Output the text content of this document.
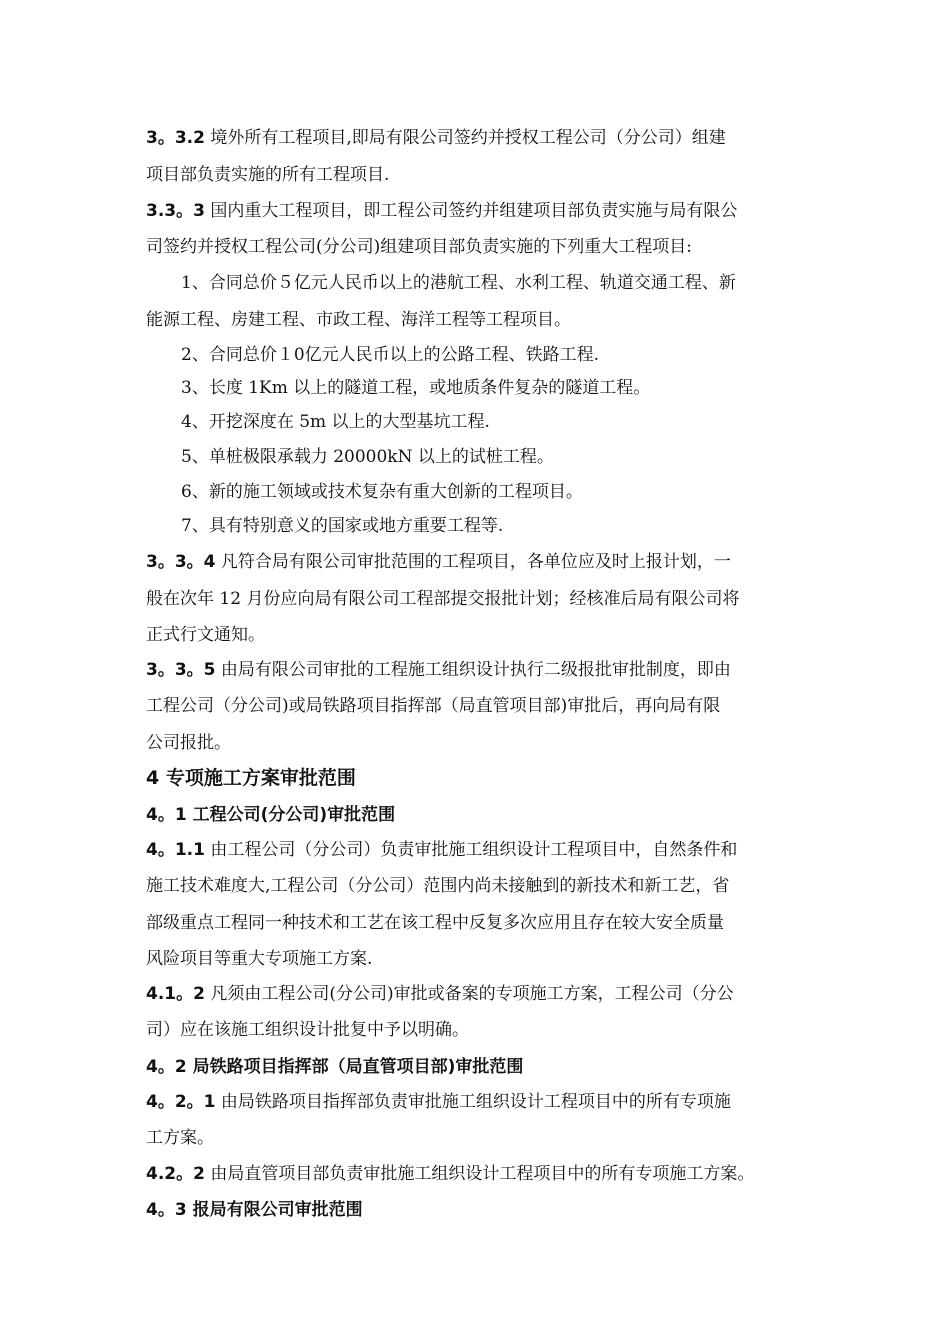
3。3.2 境外所有工程项目,即局有限公司签约并授权工程公司（分公司）组建
项目部负责实施的所有工程项目.
3.3。3 国内重大工程项目，即工程公司签约并组建项目部负责实施与局有限公
司签约并授权工程公司(分公司)组建项目部负责实施的下列重大工程项目:
1、合同总价５亿元人民币以上的港航工程、水利工程、轨道交通工程、新
能源工程、房建工程、市政工程、海洋工程等工程项目。
2、合同总价１0亿元人民币以上的公路工程、铁路工程.
3、长度 1Km 以上的隧道工程，或地质条件复杂的隧道工程。
4、开挖深度在 5m 以上的大型基坑工程.
5、单桩极限承载力 20000kN 以上的试桩工程。
6、新的施工领域或技术复杂有重大创新的工程项目。
7、具有特别意义的国家或地方重要工程等.
3。3。4 凡符合局有限公司审批范围的工程项目，各单位应及时上报计划，一
般在次年 12 月份应向局有限公司工程部提交报批计划；经核准后局有限公司将
正式行文通知。
3。3。5 由局有限公司审批的工程施工组织设计执行二级报批审批制度，即由
工程公司（分公司)或局铁路项目指挥部（局直管项目部)审批后，再向局有限
公司报批。
4 专项施工方案审批范围
4。1 工程公司(分公司)审批范围
4。1.1 由工程公司（分公司）负责审批施工组织设计工程项目中，自然条件和
施工技术难度大,工程公司（分公司）范围内尚未接触到的新技术和新工艺，省
部级重点工程同一种技术和工艺在该工程中反复多次应用且存在较大安全质量
风险项目等重大专项施工方案.
4.1。2 凡须由工程公司(分公司)审批或备案的专项施工方案，工程公司（分公
司）应在该施工组织设计批复中予以明确。
4。2 局铁路项目指挥部（局直管项目部)审批范围
4。2。1 由局铁路项目指挥部负责审批施工组织设计工程项目中的所有专项施
工方案。
4.2。2 由局直管项目部负责审批施工组织设计工程项目中的所有专项施工方案。
4。3 报局有限公司审批范围
